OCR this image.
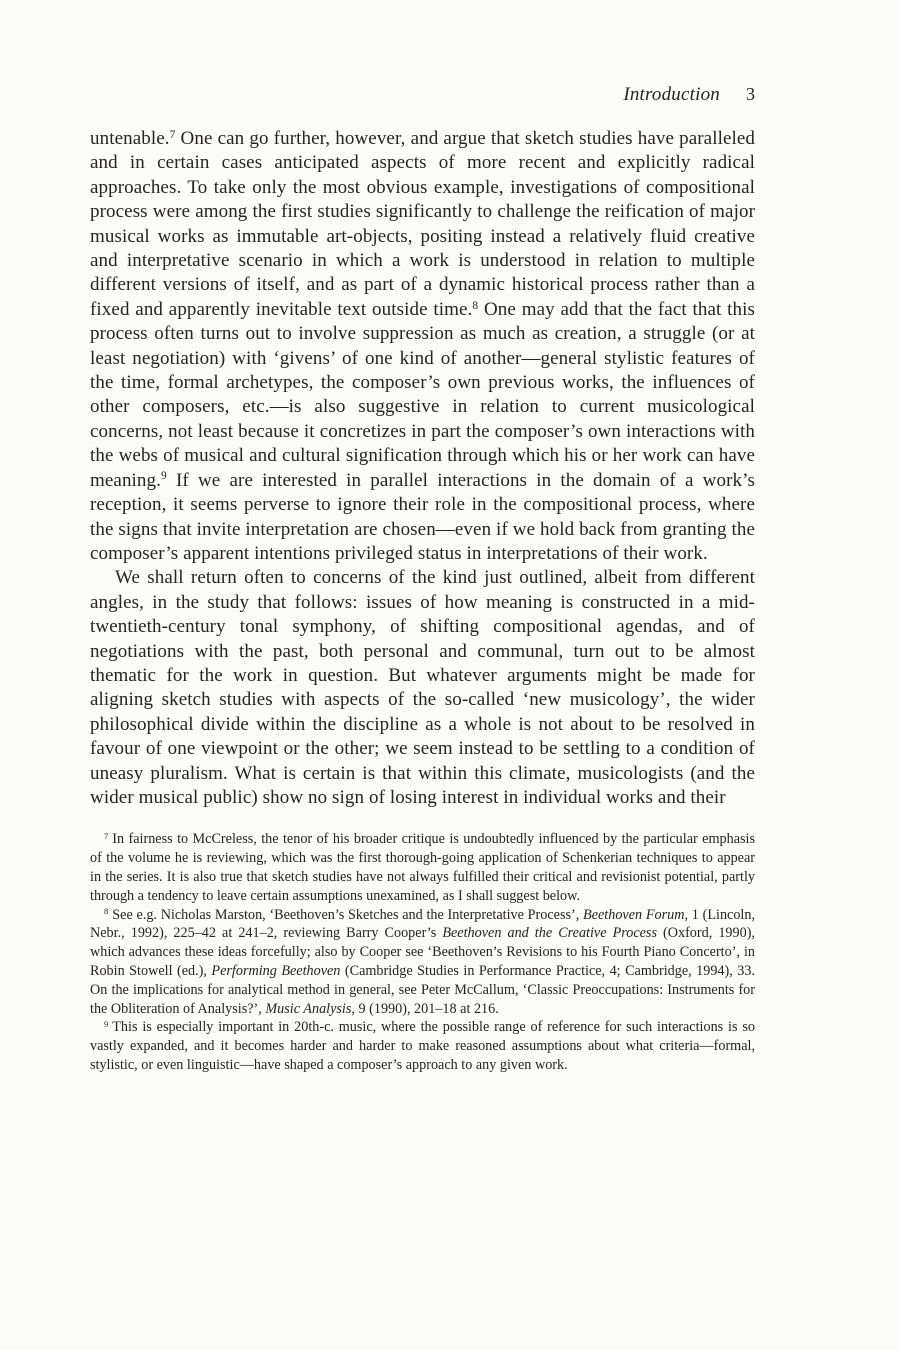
Introduction 3

untenable.$^7$ One can go further, however, and argue that sketch studies have paralleled and in certain cases anticipated aspects of more recent and explicitly radical approaches. To take only the most obvious example, investigations of compositional process were among the first studies significantly to challenge the reification of major musical works as immutable art-objects, positing instead a relatively fluid creative and interpretative scenario in which a work is understood in relation to multiple different versions of itself, and as part of a dynamic historical process rather than a fixed and apparently inevitable text outside time.$^8$ One may add that the fact that this process often turns out to involve suppression as much as creation, a struggle (or at least negotiation) with ‘givens’ of one kind of another—general stylistic features of the time, formal archetypes, the composer’s own previous works, the influences of other composers, etc.—is also suggestive in relation to current musicological concerns, not least because it concretizes in part the composer’s own interactions with the webs of musical and cultural signification through which his or her work can have meaning.$^9$ If we are interested in parallel interactions in the domain of a work’s reception, it seems perverse to ignore their role in the compositional process, where the signs that invite interpretation are chosen—even if we hold back from granting the composer’s apparent intentions privileged status in interpretations of their work.

We shall return often to concerns of the kind just outlined, albeit from different angles, in the study that follows: issues of how meaning is constructed in a mid-twentieth-century tonal symphony, of shifting compositional agendas, and of negotiations with the past, both personal and communal, turn out to be almost thematic for the work in question. But whatever arguments might be made for aligning sketch studies with aspects of the so-called ‘new musicology’, the wider philosophical divide within the discipline as a whole is not about to be resolved in favour of one viewpoint or the other; we seem instead to be settling to a condition of uneasy pluralism. What is certain is that within this climate, musicologists (and the wider musical public) show no sign of losing interest in individual works and their

$^7$ In fairness to McCreless, the tenor of his broader critique is undoubtedly influenced by the particular emphasis of the volume he is reviewing, which was the first thorough-going application of Schenkerian techniques to appear in the series. It is also true that sketch studies have not always fulfilled their critical and revisionist potential, partly through a tendency to leave certain assumptions unexamined, as I shall suggest below.

$^8$ See e.g. Nicholas Marston, ‘Beethoven’s Sketches and the Interpretative Process’, Beethoven Forum, 1 (Lincoln, Nebr., 1992), 225–42 at 241–2, reviewing Barry Cooper’s Beethoven and the Creative Process (Oxford, 1990), which advances these ideas forcefully; also by Cooper see ‘Beethoven’s Revisions to his Fourth Piano Concerto’, in Robin Stowell (ed.), Performing Beethoven (Cambridge Studies in Performance Practice, 4; Cambridge, 1994), 33. On the implications for analytical method in general, see Peter McCallum, ‘Classic Preoccupations: Instruments for the Obliteration of Analysis?’, Music Analysis, 9 (1990), 201–18 at 216.

$^9$ This is especially important in 20th-c. music, where the possible range of reference for such interactions is so vastly expanded, and it becomes harder and harder to make reasoned assumptions about what criteria—formal, stylistic, or even linguistic—have shaped a composer’s approach to any given work.
